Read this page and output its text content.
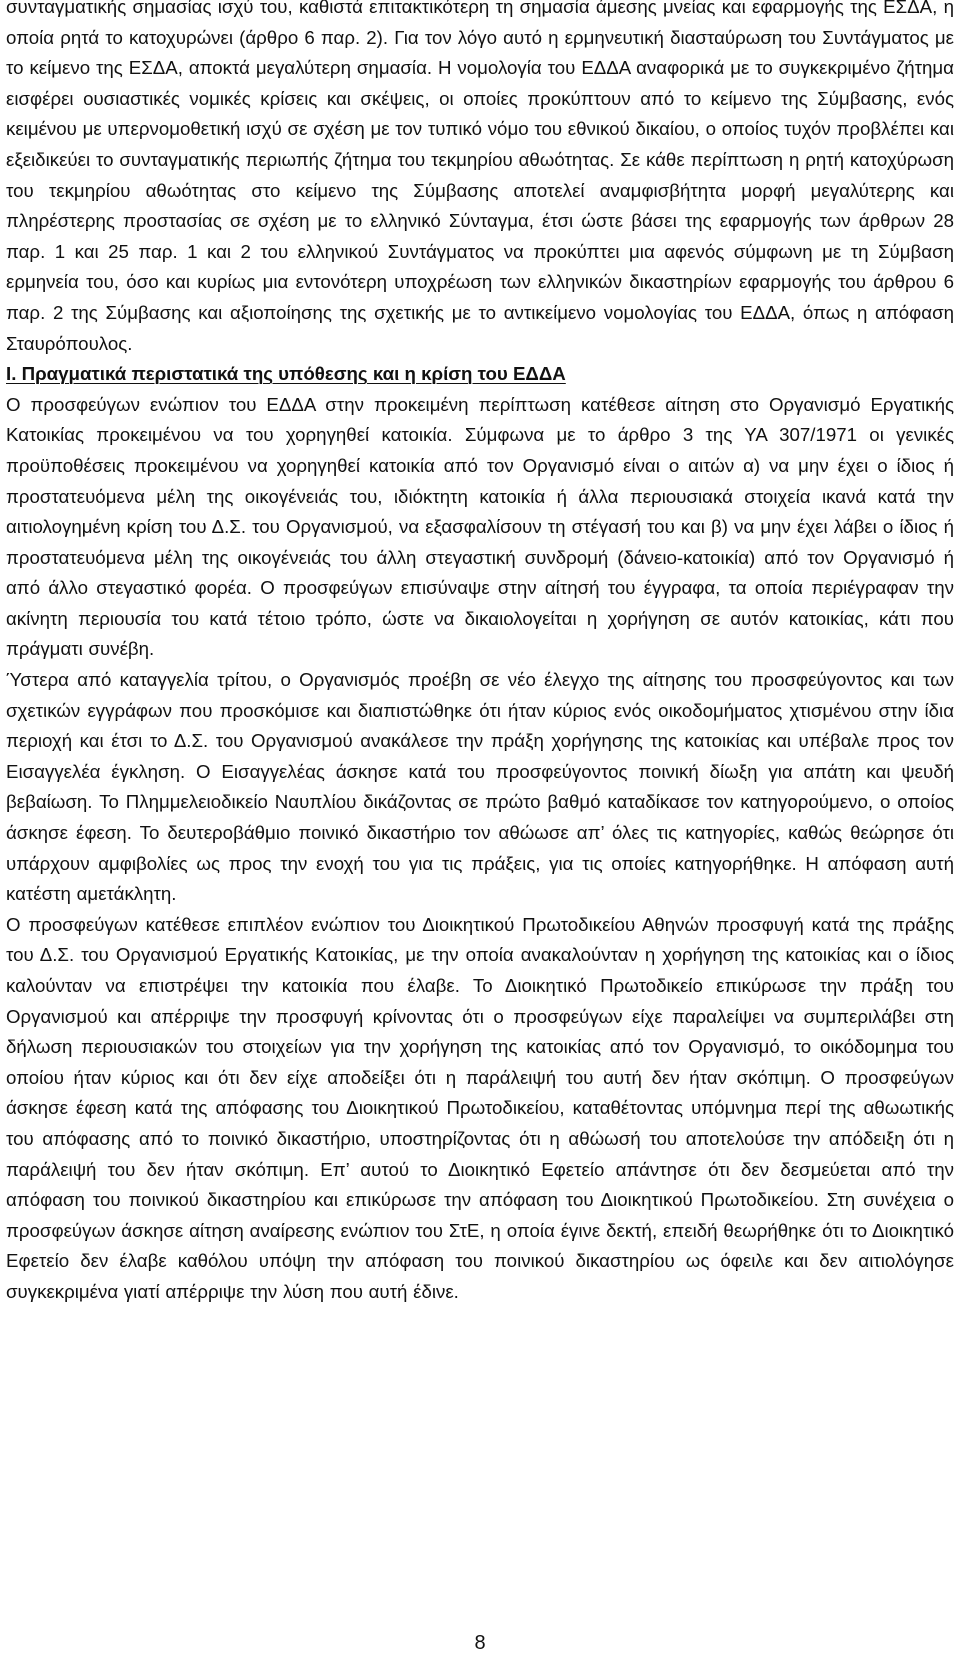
συνταγματικής σημασίας ισχύ του, καθιστά επιτακτικότερη τη σημασία άμεσης μνείας και εφαρμογής της ΕΣΔΑ, η οποία ρητά το κατοχυρώνει (άρθρο 6 παρ. 2). Για τον λόγο αυτό η ερμηνευτική διασταύρωση του Συντάγματος με το κείμενο της ΕΣΔΑ, αποκτά μεγαλύτερη σημασία. Η νομολογία του ΕΔΔΑ αναφορικά με το συγκεκριμένο ζήτημα εισφέρει ουσιαστικές νομικές κρίσεις και σκέψεις, οι οποίες προκύπτουν από το κείμενο της Σύμβασης, ενός κειμένου με υπερνομοθετική ισχύ σε σχέση με τον τυπικό νόμο του εθνικού δικαίου, ο οποίος τυχόν προβλέπει και εξειδικεύει το συνταγματικής περιωπής ζήτημα του τεκμηρίου αθωότητας. Σε κάθε περίπτωση η ρητή κατοχύρωση του τεκμηρίου αθωότητας στο κείμενο της Σύμβασης αποτελεί αναμφισβήτητα μορφή μεγαλύτερης και πληρέστερης προστασίας σε σχέση με το ελληνικό Σύνταγμα, έτσι ώστε βάσει της εφαρμογής των άρθρων 28 παρ. 1 και 25 παρ. 1 και 2 του ελληνικού Συντάγματος να προκύπτει μια αφενός σύμφωνη με τη Σύμβαση ερμηνεία του, όσο και κυρίως μια εντονότερη υποχρέωση των ελληνικών δικαστηρίων εφαρμογής του άρθρου 6 παρ. 2 της Σύμβασης και αξιοποίησης της σχετικής με το αντικείμενο νομολογίας του ΕΔΔΑ, όπως η απόφαση Σταυρόπουλος.

Ι. Πραγματικά περιστατικά της υπόθεσης και η κρίση του ΕΔΔΑ

Ο προσφεύγων ενώπιον του ΕΔΔΑ στην προκειμένη περίπτωση κατέθεσε αίτηση στο Οργανισμό Εργατικής Κατοικίας προκειμένου να του χορηγηθεί κατοικία. Σύμφωνα με το άρθρο 3 της ΥΑ 307/1971 οι γενικές προϋποθέσεις προκειμένου να χορηγηθεί κατοικία από τον Οργανισμό είναι ο αιτών α) να μην έχει ο ίδιος ή προστατευόμενα μέλη της οικογένειάς του, ιδιόκτητη κατοικία ή άλλα περιουσιακά στοιχεία ικανά κατά την αιτιολογημένη κρίση του Δ.Σ. του Οργανισμού, να εξασφαλίσουν τη στέγασή του και β) να μην έχει λάβει ο ίδιος ή προστατευόμενα μέλη της οικογένειάς του άλλη στεγαστική συνδρομή (δάνειο-κατοικία) από τον Οργανισμό ή από άλλο στεγαστικό φορέα. Ο προσφεύγων επισύναψε στην αίτησή του έγγραφα, τα οποία περιέγραφαν την ακίνητη περιουσία του κατά τέτοιο τρόπο, ώστε να δικαιολογείται η χορήγηση σε αυτόν κατοικίας, κάτι που πράγματι συνέβη.

Ύστερα από καταγγελία τρίτου, ο Οργανισμός προέβη σε νέο έλεγχο της αίτησης του προσφεύγοντος και των σχετικών εγγράφων που προσκόμισε και διαπιστώθηκε ότι ήταν κύριος ενός οικοδομήματος χτισμένου στην ίδια περιοχή και έτσι το Δ.Σ. του Οργανισμού ανακάλεσε την πράξη χορήγησης της κατοικίας και υπέβαλε προς τον Εισαγγελέα έγκληση. Ο Εισαγγελέας άσκησε κατά του προσφεύγοντος ποινική δίωξη για απάτη και ψευδή βεβαίωση. Το Πλημμελειοδικείο Ναυπλίου δικάζοντας σε πρώτο βαθμό καταδίκασε τον κατηγορούμενο, ο οποίος άσκησε έφεση. Το δευτεροβάθμιο ποινικό δικαστήριο τον αθώωσε απ’ όλες τις κατηγορίες, καθώς θεώρησε ότι υπάρχουν αμφιβολίες ως προς την ενοχή του για τις πράξεις, για τις οποίες κατηγορήθηκε. Η απόφαση αυτή κατέστη αμετάκλητη.

Ο προσφεύγων κατέθεσε επιπλέον ενώπιον του Διοικητικού Πρωτοδικείου Αθηνών προσφυγή κατά της πράξης του Δ.Σ. του Οργανισμού Εργατικής Κατοικίας, με την οποία ανακαλούνταν η χορήγηση της κατοικίας και ο ίδιος καλούνταν να επιστρέψει την κατοικία που έλαβε. Το Διοικητικό Πρωτοδικείο επικύρωσε την πράξη του Οργανισμού και απέρριψε την προσφυγή κρίνοντας ότι ο προσφεύγων είχε παραλείψει να συμπεριλάβει στη δήλωση περιουσιακών του στοιχείων για την χορήγηση της κατοικίας από τον Οργανισμό, το οικόδομημα του οποίου ήταν κύριος και ότι δεν είχε αποδείξει ότι η παράλειψή του αυτή δεν ήταν σκόπιμη. Ο προσφεύγων άσκησε έφεση κατά της απόφασης του Διοικητικού Πρωτοδικείου, καταθέτοντας υπόμνημα περί της αθωωτικής του απόφασης από το ποινικό δικαστήριο, υποστηρίζοντας ότι η αθώωσή του αποτελούσε την απόδειξη ότι η παράλειψή του δεν ήταν σκόπιμη. Επ’ αυτού το Διοικητικό Εφετείο απάντησε ότι δεν δεσμεύεται από την απόφαση του ποινικού δικαστηρίου και επικύρωσε την απόφαση του Διοικητικού Πρωτοδικείου. Στη συνέχεια ο προσφεύγων άσκησε αίτηση αναίρεσης ενώπιον του ΣτΕ, η οποία έγινε δεκτή, επειδή θεωρήθηκε ότι το Διοικητικό Εφετείο δεν έλαβε καθόλου υπόψη την απόφαση του ποινικού δικαστηρίου ως όφειλε και δεν αιτιολόγησε συγκεκριμένα γιατί απέρριψε την λύση που αυτή έδινε.

8
